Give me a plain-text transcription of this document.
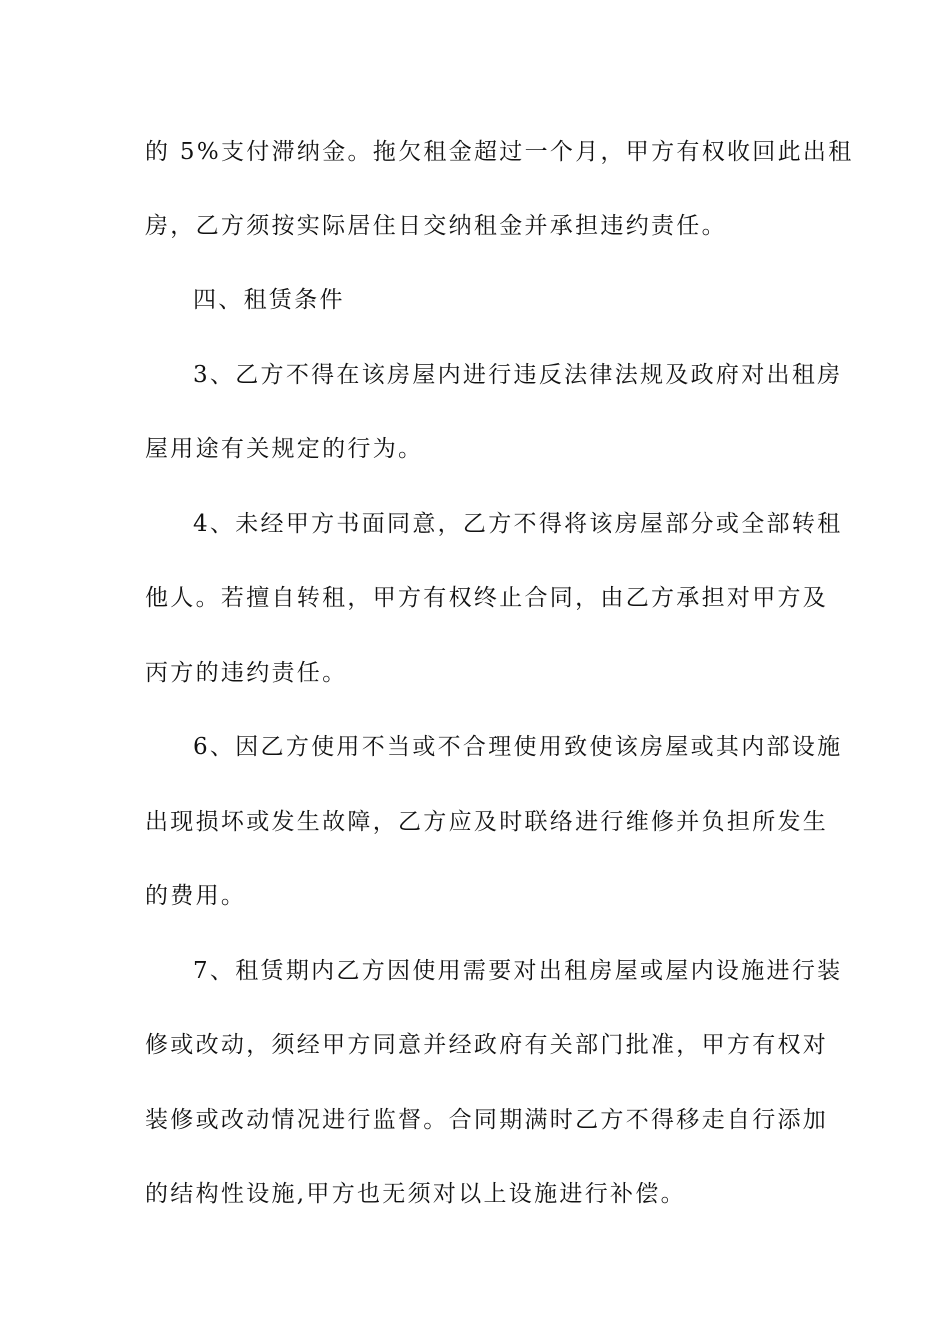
的 5%支付滞纳金。拖欠租金超过一个月，甲方有权收回此出租
房，乙方须按实际居住日交纳租金并承担违约责任。
四、租赁条件
3、乙方不得在该房屋内进行违反法律法规及政府对出租房
屋用途有关规定的行为。
4、未经甲方书面同意，乙方不得将该房屋部分或全部转租
他人。若擅自转租，甲方有权终止合同，由乙方承担对甲方及
丙方的违约责任。
6、因乙方使用不当或不合理使用致使该房屋或其内部设施
出现损坏或发生故障，乙方应及时联络进行维修并负担所发生
的费用。
7、租赁期内乙方因使用需要对出租房屋或屋内设施进行装
修或改动，须经甲方同意并经政府有关部门批准，甲方有权对
装修或改动情况进行监督。合同期满时乙方不得移走自行添加
的结构性设施,甲方也无须对以上设施进行补偿。
